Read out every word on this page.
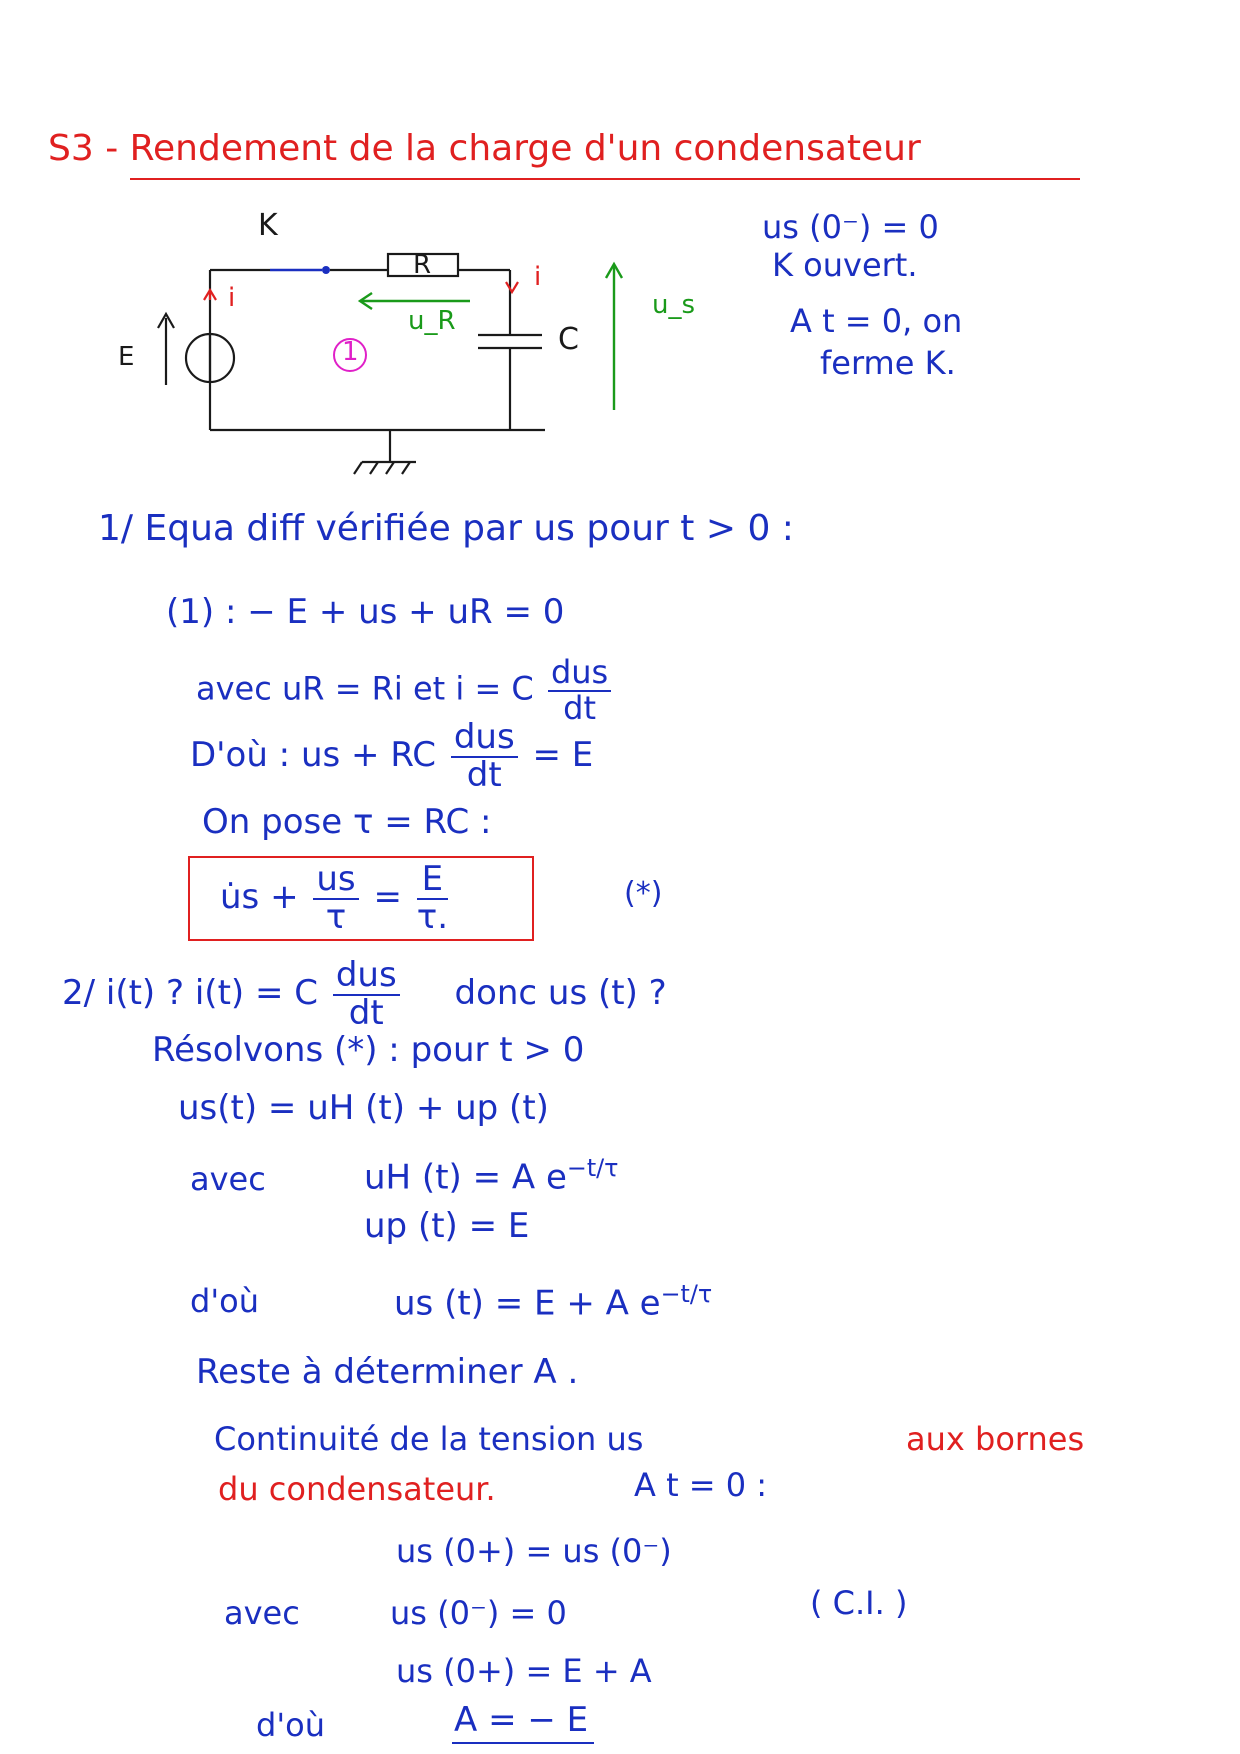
S3 - Rendement de la charge d'un condensateur
K
R
C
E
i
i
u_R
u_s
1
us (0⁻) = 0
K ouvert.
A t = 0, on
ferme K.
1/ Equa diff vérifiée par us pour t > 0 :
(1) : − E + us + uR = 0
avec uR = Ri et i = C $\frac{\text{dus}}{dt}$
D'où : us + RC $\frac{\text{dus}}{dt} = E$
On pose τ = RC :
u̇s + $\frac{us}{\tau} = \frac{E}{\tau.}$	(*)
2/ i(t) ? i(t) = C $\frac{\text{dus}}{dt}$ donc us (t) ?
Résolvons (*) : pour t > 0
us(t) = uH (t) + up (t)
avec	uH (t) = A $e^{-t/\tau}$
up (t) = E
d'où	us (t) = E + A $e^{-t/\tau}$
Reste à déterminer A .
Continuité de la tension us	aux bornes
du condensateur.	A t = 0 :
us (0+) = us (0⁻)
avec	us (0⁻) = 0	( C.I. )
us (0+) = E + A
d'où	A = − E
